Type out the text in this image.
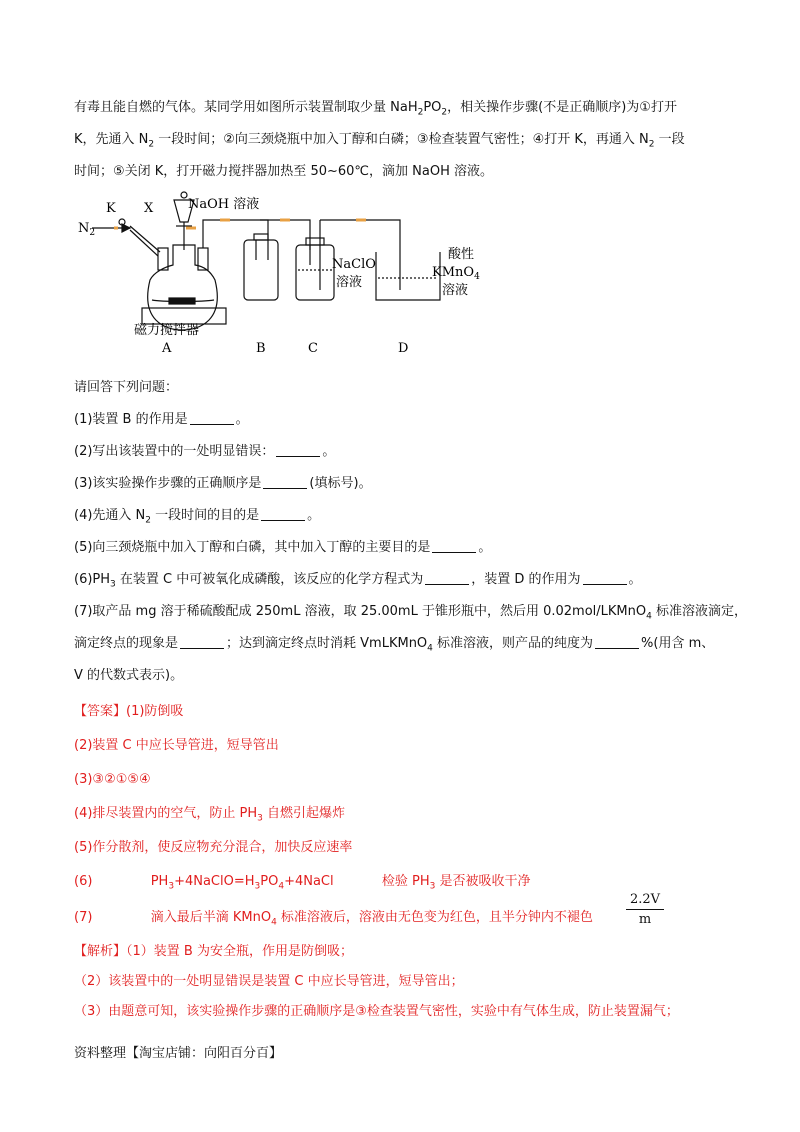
有毒且能自燃的气体。某同学用如图所示装置制取少量 $NaH_2PO_2$，相关操作步骤(不是正确顺序)为①打开
K，先通入 $N_2$ 一段时间；②向三颈烧瓶中加入丁醇和白磷；③检查装置气密性；④打开 K，再通入 $N_2$ 一段
时间；⑤关闭 K，打开磁力搅拌器加热至 50~60℃，滴加 NaOH 溶液。
$N_2$
K X	NaOH 溶液
NaClO
溶液
酸性
KMnO$_4$
溶液
磁力搅拌器
A	B	C	D
请回答下列问题：
(1)装置 B 的作用是	。
(2)写出该装置中的一处明显错误：	。
(3)该实验操作步骤的正确顺序是	(填标号)。
(4)先通入 $N_2$ 一段时间的目的是	。
(5)向三颈烧瓶中加入丁醇和白磷，其中加入丁醇的主要目的是	。
$(6)PH_3$ 在装置 C 中可被氧化成磷酸，该反应的化学方程式为	，装置 D 的作用为	。
(7)取产品 mg 溶于稀硫酸配成 250mL 溶液，取 25.00mL 于锥形瓶中，然后用 0.02mol/LKMnO$_4$ 标准溶液滴定，
滴定终点的现象是	；达到滴定终点时消耗 VmLKMnO$_4$ 标准溶液，则产品的纯度为	%(用含 m、
V 的代数式表示)。
【答案】(1)防倒吸
(2)装置 C 中应长导管进，短导管出
(3)③②①⑤④
(4)排尽装置内的空气，防止 $PH_3$ 自燃引起爆炸
(5)作分散剂，使反应物充分混合，加快反应速率
(6)	$PH_3+4NaClO=H_3PO_4+4NaCl$	检验 $PH_3$ 是否被吸收干净
(7)	滴入最后半滴 KMnO$_4$ 标准溶液后，溶液由无色变为红色，且半分钟内不褪色	$\frac{2.2V}{m}$
【解析】（1）装置 B 为安全瓶，作用是防倒吸；
（2）该装置中的一处明显错误是装置 C 中应长导管进，短导管出；
（3）由题意可知，该实验操作步骤的正确顺序是③检查装置气密性，实验中有气体生成，防止装置漏气；
资料整理【淘宝店铺：向阳百分百】
